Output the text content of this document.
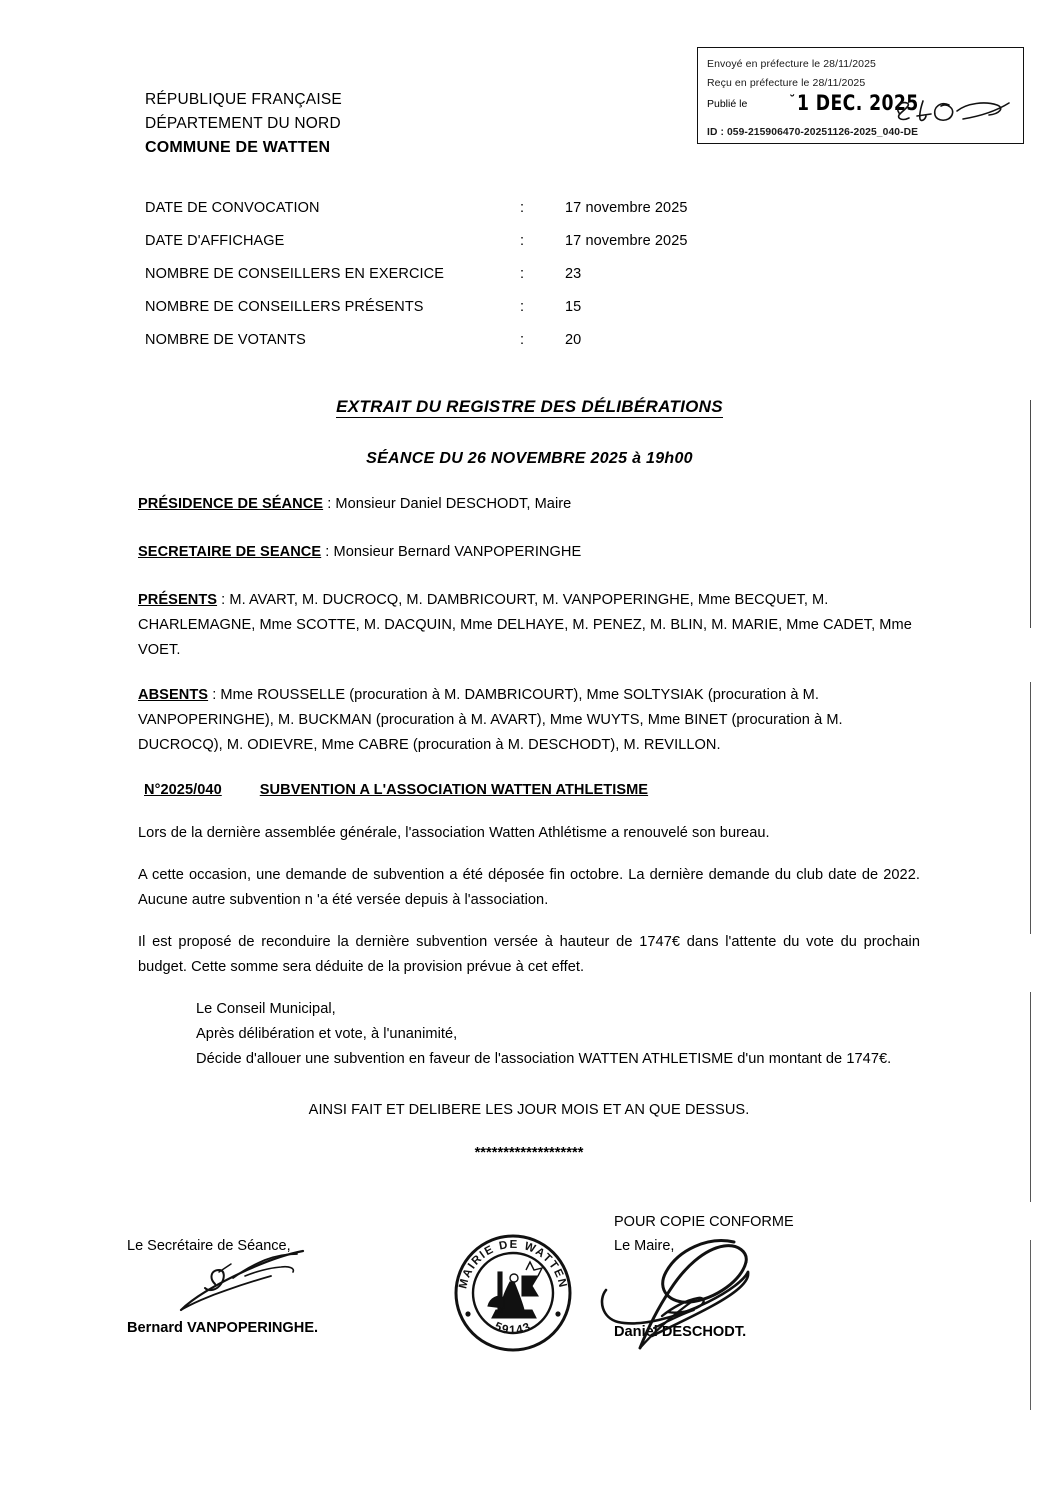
Envoyé en préfecture le 28/11/2025
Reçu en préfecture le 28/11/2025
Publié le	˘ 1 DEC. 2025
ID : 059-215906470-20251126-2025_040-DE
RÉPUBLIQUE FRANÇAISE
DÉPARTEMENT DU NORD
COMMUNE DE WATTEN
DATE DE CONVOCATION	:	17 novembre 2025
DATE D'AFFICHAGE	:	17 novembre 2025
NOMBRE DE CONSEILLERS EN EXERCICE	:	23
NOMBRE DE CONSEILLERS PRÉSENTS	:	15
NOMBRE DE VOTANTS	:	20
EXTRAIT DU REGISTRE DES DÉLIBÉRATIONS
SÉANCE DU 26 NOVEMBRE 2025 à 19h00

PRÉSIDENCE DE SÉANCE : Monsieur Daniel DESCHODT, Maire

SECRETAIRE DE SEANCE : Monsieur Bernard VANPOPERINGHE

PRÉSENTS : M. AVART, M. DUCROCQ, M. DAMBRICOURT, M. VANPOPERINGHE, Mme BECQUET, M. CHARLEMAGNE, Mme SCOTTE, M. DACQUIN, Mme DELHAYE, M. PENEZ, M. BLIN, M. MARIE, Mme CADET, Mme VOET.

ABSENTS : Mme ROUSSELLE (procuration à M. DAMBRICOURT), Mme SOLTYSIAK (procuration à M. VANPOPERINGHE), M. BUCKMAN (procuration à M. AVART), Mme WUYTS, Mme BINET (procuration à M. DUCROCQ), M. ODIEVRE, Mme CABRE (procuration à M. DESCHODT), M. REVILLON.

N°2025/040	SUBVENTION A L'ASSOCIATION WATTEN ATHLETISME

Lors de la dernière assemblée générale, l'association Watten Athlétisme a renouvelé son bureau.

A cette occasion, une demande de subvention a été déposée fin octobre. La dernière demande du club date de 2022. Aucune autre subvention n 'a été versée depuis à l'association.

Il est proposé de reconduire la dernière subvention versée à hauteur de 1747€ dans l'attente du vote du prochain budget. Cette somme sera déduite de la provision prévue à cet effet.

Le Conseil Municipal,
Après délibération et vote, à l'unanimité,
Décide d'allouer une subvention en faveur de l'association WATTEN ATHLETISME d'un montant de 1747€.

AINSI FAIT ET DELIBERE LES JOUR MOIS ET AN QUE DESSUS.

*******************

Le Secrétaire de Séance,
Bernard VANPOPERINGHE.
MAIRIE DE WATTEN
59143
POUR COPIE CONFORME
Le Maire,
Daniel DESCHODT.
